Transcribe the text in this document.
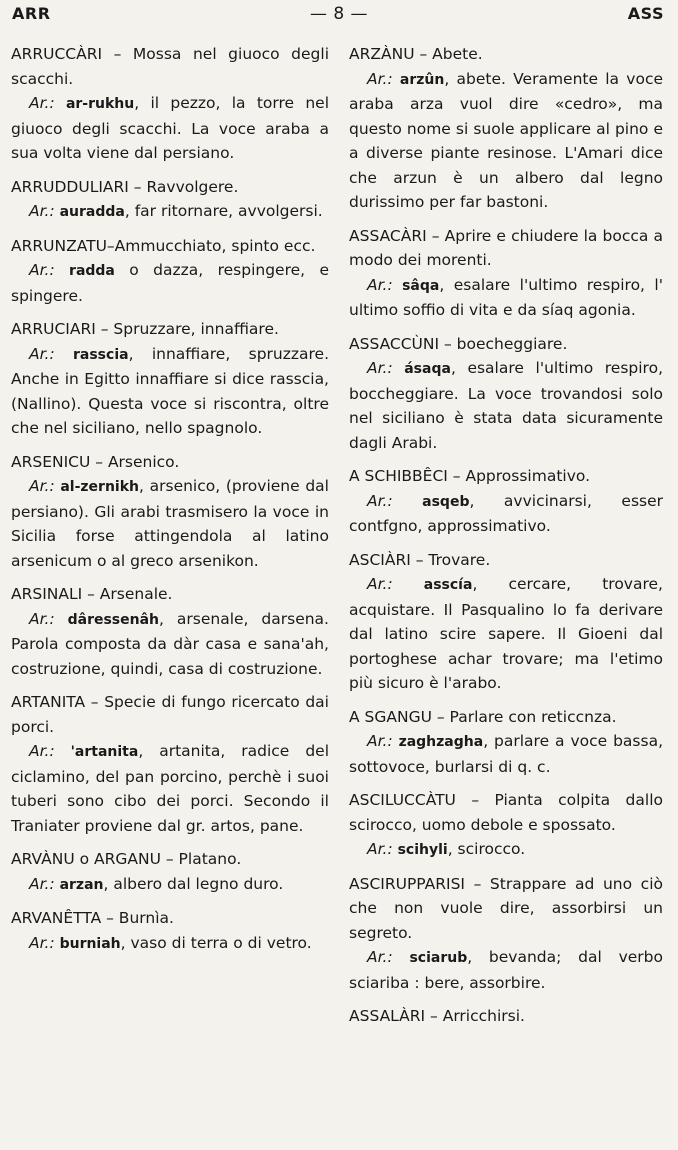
ARR	— 8 —	ASS
ARRUCCÀRI – Mossa nel giuoco degli scacchi.
Ar.: ar-rukhu, il pezzo, la torre nel giuoco degli scacchi. La voce araba a sua volta viene dal persiano.
ARRUDDULIARI – Ravvolgere.
Ar.: auradda, far ritornare, avvolgersi.
ARRUNZATU–Ammucchiato, spinto ecc.
Ar.: radda o dazza, respingere, e spingere.
ARRUCIARI – Spruzzare, innaffiare.
Ar.: rasscia, innaffiare, spruzzare. Anche in Egitto innaffiare si dice rasscia, (Nallino). Questa voce si riscontra, oltre che nel siciliano, nello spagnolo.
ARSENICU – Arsenico.
Ar.: al-zernikh, arsenico, (proviene dal persiano). Gli arabi trasmisero la voce in Sicilia forse attingendola al latino arsenicum o al greco arsenikon.
ARSINALI – Arsenale.
Ar.: dâressenâh, arsenale, darsena. Parola composta da dàr casa e sana'ah, costruzione, quindi, casa di costruzione.
ARTANITA – Specie di fungo ricercato dai porci.
Ar.: 'artanita, artanita, radice del ciclamino, del pan porcino, perchè i suoi tuberi sono cibo dei porci. Secondo il Traniater proviene dal gr. artos, pane.
ARVÀNU o ARGANU – Platano.
Ar.: arzan, albero dal legno duro.
ARVANÊTTA – Burnìa.
Ar.: burniah, vaso di terra o di vetro.
ARZÀNU – Abete.
Ar.: arzûn, abete. Veramente la voce araba arza vuol dire «cedro», ma questo nome si suole applicare al pino e a diverse piante resinose. L'Amari dice che arzun è un albero dal legno durissimo per far bastoni.
ASSACÀRI – Aprire e chiudere la bocca a modo dei morenti.
Ar.: sâqa, esalare l'ultimo respiro, l' ultimo soffio di vita e da síaq agonia.
ASSACCÙNI – boecheggiare.
Ar.: ásaqa, esalare l'ultimo respiro, boccheggiare. La voce trovandosi solo nel siciliano è stata data sicuramente dagli Arabi.
A SCHIBBÊCI – Approssimativo.
Ar.: asqeb, avvicinarsi, esser contfgno, approssimativo.
ASCIÀRI – Trovare.
Ar.: asscía, cercare, trovare, acquistare. Il Pasqualino lo fa derivare dal latino scire sapere. Il Gioeni dal portoghese achar trovare; ma l'etimo più sicuro è l'arabo.
A SGANGU – Parlare con reticcnza.
Ar.: zaghzagha, parlare a voce bassa, sottovoce, burlarsi di q. c.
ASCILUCCÀTU – Pianta colpita dallo scirocco, uomo debole e spossato.
Ar.: scihyli, scirocco.
ASCIRUPPARISI – Strappare ad uno ciò che non vuole dire, assorbirsi un segreto.
Ar.: sciarub, bevanda; dal verbo sciariba : bere, assorbire.
ASSALÀRI – Arricchirsi.
